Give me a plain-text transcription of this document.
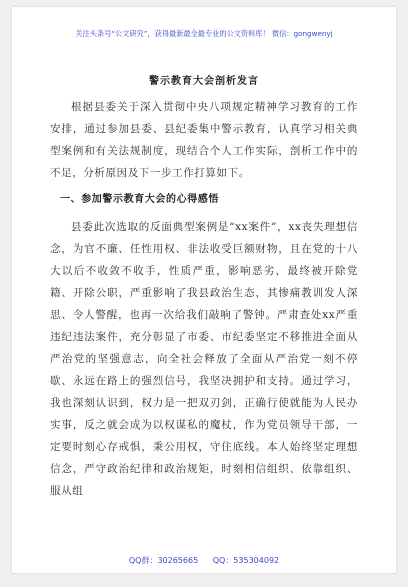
关注头条号“公文研究”，获得最新最全最专业的公文资料库！ 微信：gongwenyj
警示教育大会剖析发言

根据县委关于深入贯彻中央八项规定精神学习教育的工作安排，通过参加县委、县纪委集中警示教育，认真学习相关典型案例和有关法规制度，现结合个人工作实际，剖析工作中的不足，分析原因及下一步工作打算如下。

一、参加警示教育大会的心得感悟

县委此次选取的反面典型案例是“xx案件”，xx丧失理想信念，为官不廉、任性用权、非法收受巨额财物，且在党的十八大以后不收敛不收手，性质严重，影响恶劣，最终被开除党籍、开除公职，严重影响了我县政治生态，其惨痛教训发人深思、令人警醒，也再一次给我们敲响了警钟。严肃查处xx严重违纪违法案件，充分彰显了市委、市纪委坚定不移推进全面从严治党的坚强意志，向全社会释放了全面从严治党一刻不停歇、永远在路上的强烈信号，我坚决拥护和支持。通过学习，我也深刻认识到，权力是一把双刃剑，正确行使就能为人民办实事，反之就会成为以权谋私的魔杖，作为党员领导干部，一定要时刻心存戒惧，秉公用权，守住底线。本人始终坚定理想信念，严守政治纪律和政治规矩，时刻相信组织、依靠组织、服从组

QQ群：30265665 QQ：535304092
